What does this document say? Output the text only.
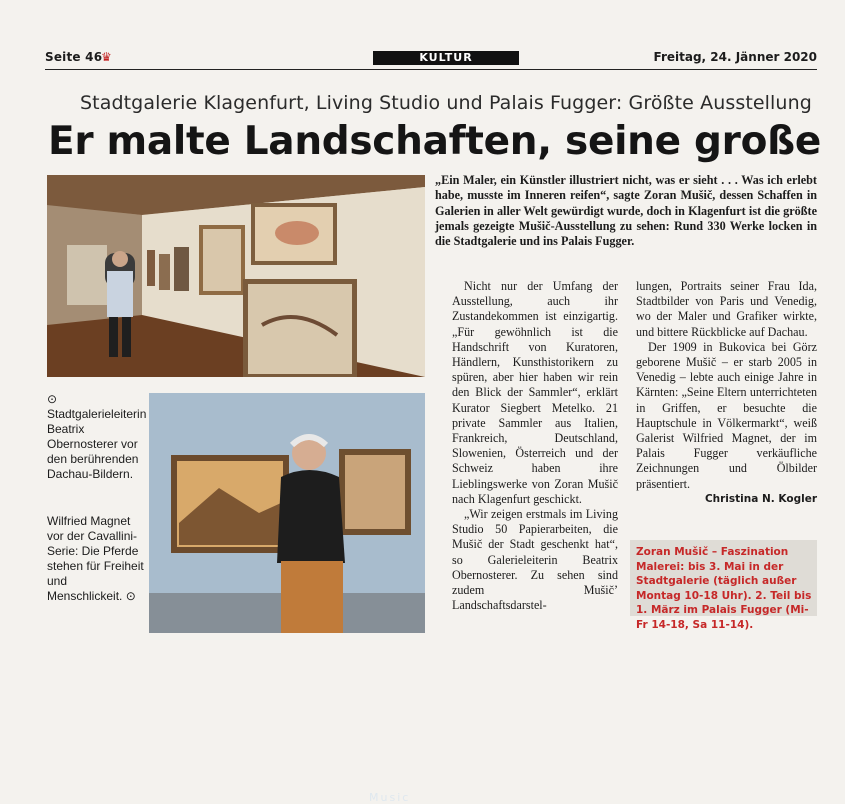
Seite 46
♛	KULTUR	Freitag, 24. Jänner 2020
Stadtgalerie Klagenfurt, Living Studio und Palais Fugger: Größte Ausstellung
Er malte Landschaften, seine große
Music
⊙ Stadtgalerieleiterin Beatrix Obernosterer vor den berührenden Dachau-Bildern.
Wilfried Magnet vor der Cavallini-Serie: Die Pferde stehen für Freiheit und Menschlickeit. ⊙
„Ein Maler, ein Künstler illustriert nicht, was er sieht . . . Was ich erlebt habe, musste im Inneren reifen“, sagte Zoran Mušič, dessen Schaffen in Galerien in aller Welt gewürdigt wurde, doch in Klagenfurt ist die größte jemals gezeigte Mušič-Ausstellung zu sehen: Rund 330 Werke locken in die Stadtgalerie und ins Palais Fugger.

Nicht nur der Umfang der Ausstellung, auch ihr Zustandekommen ist einzigartig. „Für gewöhnlich ist die Handschrift von Kuratoren, Händlern, Kunsthistorikern zu spüren, aber hier haben wir rein den Blick der Sammler“, erklärt Kurator Siegbert Metelko. 21 private Sammler aus Italien, Frankreich, Deutschland, Slowenien, Österreich und der Schweiz haben ihre Lieblingswerke von Zoran Mušič nach Klagenfurt geschickt.

„Wir zeigen erstmals im Living Studio 50 Papierarbeiten, die Mušič der Stadt geschenkt hat“, so Galerieleiterin Beatrix Obernosterer. Zu sehen sind zudem Mušič’ Landschaftsdarstel-

lungen, Portraits seiner Frau Ida, Stadtbilder von Paris und Venedig, wo der Maler und Grafiker wirkte, und bittere Rückblicke auf Dachau.

Der 1909 in Bukovica bei Görz geborene Mušič – er starb 2005 in Venedig – lebte auch einige Jahre in Kärnten: „Seine Eltern unterrichteten in Griffen, er besuchte die Hauptschule in Völkermarkt“, weiß Galerist Wilfried Magnet, der im Palais Fugger verkäufliche Zeichnungen und Ölbilder präsentiert.

Christina N. Kogler
Zoran Mušič – Faszination Malerei: bis 3. Mai in der Stadtgalerie (täglich außer Montag 10-18 Uhr). 2. Teil bis 1. März im Palais Fugger (Mi-Fr 14-18, Sa 11-14).
